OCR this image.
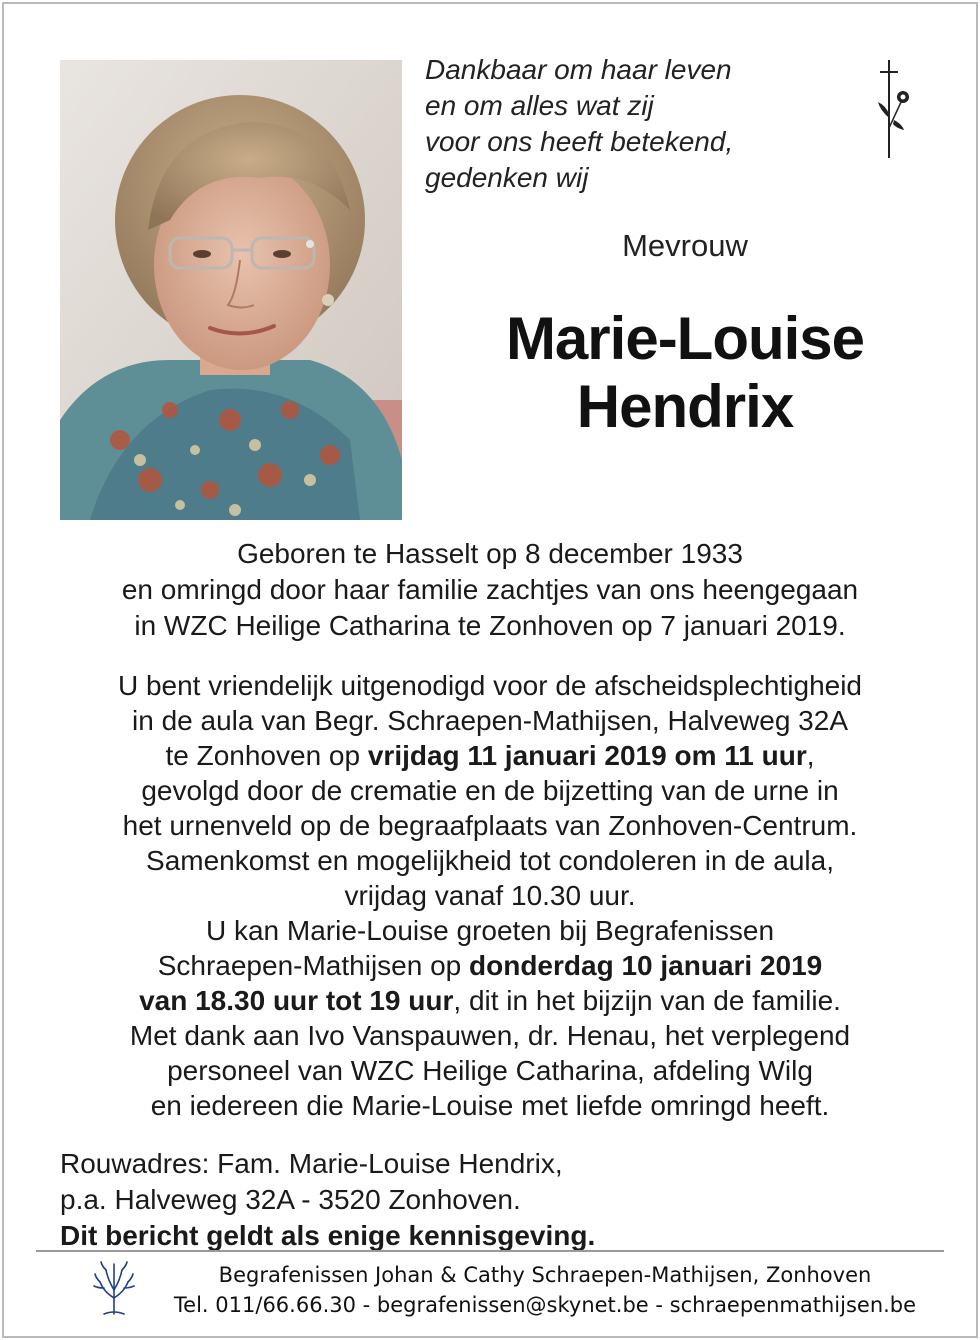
Dankbaar om haar leven
en om alles wat zij
voor ons heeft betekend,
gedenken wij
Mevrouw
Marie-Louise
Hendrix
Geboren te Hasselt op 8 december 1933
en omringd door haar familie zachtjes van ons heengegaan
in WZC Heilige Catharina te Zonhoven op 7 januari 2019.
U bent vriendelijk uitgenodigd voor de afscheidsplechtigheid
in de aula van Begr. Schraepen-Mathijsen, Halveweg 32A
te Zonhoven op vrijdag 11 januari 2019 om 11 uur,
gevolgd door de crematie en de bijzetting van de urne in
het urnenveld op de begraafplaats van Zonhoven-Centrum.
Samenkomst en mogelijkheid tot condoleren in de aula,
vrijdag vanaf 10.30 uur.
U kan Marie-Louise groeten bij Begrafenissen
Schraepen-Mathijsen op donderdag 10 januari 2019
van 18.30 uur tot 19 uur, dit in het bijzijn van de familie.
Met dank aan Ivo Vanspauwen, dr. Henau, het verplegend
personeel van WZC Heilige Catharina, afdeling Wilg
en iedereen die Marie-Louise met liefde omringd heeft.
Rouwadres: Fam. Marie-Louise Hendrix,
p.a. Halveweg 32A - 3520 Zonhoven.
Dit bericht geldt als enige kennisgeving.
Begrafenissen Johan & Cathy Schraepen-Mathijsen, Zonhoven
Tel. 011/66.66.30 - begrafenissen@skynet.be - schraepenmathijsen.be
